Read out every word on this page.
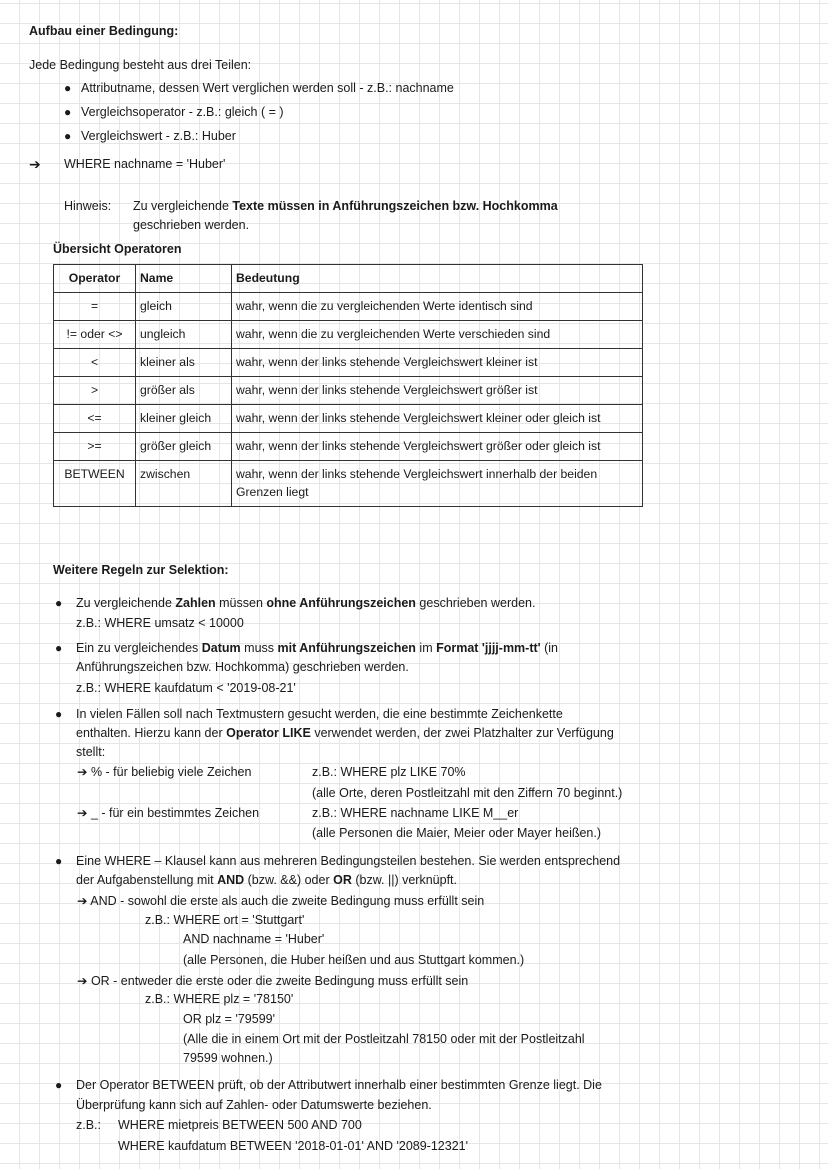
Aufbau einer Bedingung:
Jede Bedingung besteht aus drei Teilen:
● Attributname, dessen Wert verglichen werden soll - z.B.: nachname
● Vergleichsoperator - z.B.: gleich ( = )
● Vergleichswert - z.B.: Huber
➔ WHERE nachname = 'Huber'
Hinweis: Zu vergleichende Texte müssen in Anführungszeichen bzw. Hochkomma
geschrieben werden.
Übersicht Operatoren
Operator	Name	Bedeutung
=	gleich	wahr, wenn die zu vergleichenden Werte identisch sind
!= oder <>	ungleich	wahr, wenn die zu vergleichenden Werte verschieden sind
<	kleiner als	wahr, wenn der links stehende Vergleichswert kleiner ist
>	größer als	wahr, wenn der links stehende Vergleichswert größer ist
<=	kleiner gleich	wahr, wenn der links stehende Vergleichswert kleiner oder gleich ist
>=	größer gleich	wahr, wenn der links stehende Vergleichswert größer oder gleich ist
BETWEEN	zwischen	wahr, wenn der links stehende Vergleichswert innerhalb der beiden
Grenzen liegt
Weitere Regeln zur Selektion:
● Zu vergleichende Zahlen müssen ohne Anführungszeichen geschrieben werden.
z.B.: WHERE umsatz < 10000
● Ein zu vergleichendes Datum muss mit Anführungszeichen im Format 'jjjj-mm-tt' (in
Anführungszeichen bzw. Hochkomma) geschrieben werden.
z.B.: WHERE kaufdatum < '2019-08-21'
● In vielen Fällen soll nach Textmustern gesucht werden, die eine bestimmte Zeichenkette
enthalten. Hierzu kann der Operator LIKE verwendet werden, der zwei Platzhalter zur Verfügung
stellt:
➔ % - für beliebig viele Zeichen	z.B.: WHERE plz LIKE 70%
(alle Orte, deren Postleitzahl mit den Ziffern 70 beginnt.)
➔ _ - für ein bestimmtes Zeichen	z.B.: WHERE nachname LIKE M__er
(alle Personen die Maier, Meier oder Mayer heißen.)
● Eine WHERE – Klausel kann aus mehreren Bedingungsteilen bestehen. Sie werden entsprechend
der Aufgabenstellung mit AND (bzw. &&) oder OR (bzw. ||) verknüpft.
➔ AND - sowohl die erste als auch die zweite Bedingung muss erfüllt sein
z.B.: WHERE ort = 'Stuttgart'
AND nachname = 'Huber'
(alle Personen, die Huber heißen und aus Stuttgart kommen.)
➔ OR - entweder die erste oder die zweite Bedingung muss erfüllt sein
z.B.: WHERE plz = '78150'
OR plz = '79599'
(Alle die in einem Ort mit der Postleitzahl 78150 oder mit der Postleitzahl
79599 wohnen.)
● Der Operator BETWEEN prüft, ob der Attributwert innerhalb einer bestimmten Grenze liegt. Die
Überprüfung kann sich auf Zahlen- oder Datumswerte beziehen.
z.B.: WHERE mietpreis BETWEEN 500 AND 700
WHERE kaufdatum BETWEEN '2018-01-01' AND '2089-12321'
